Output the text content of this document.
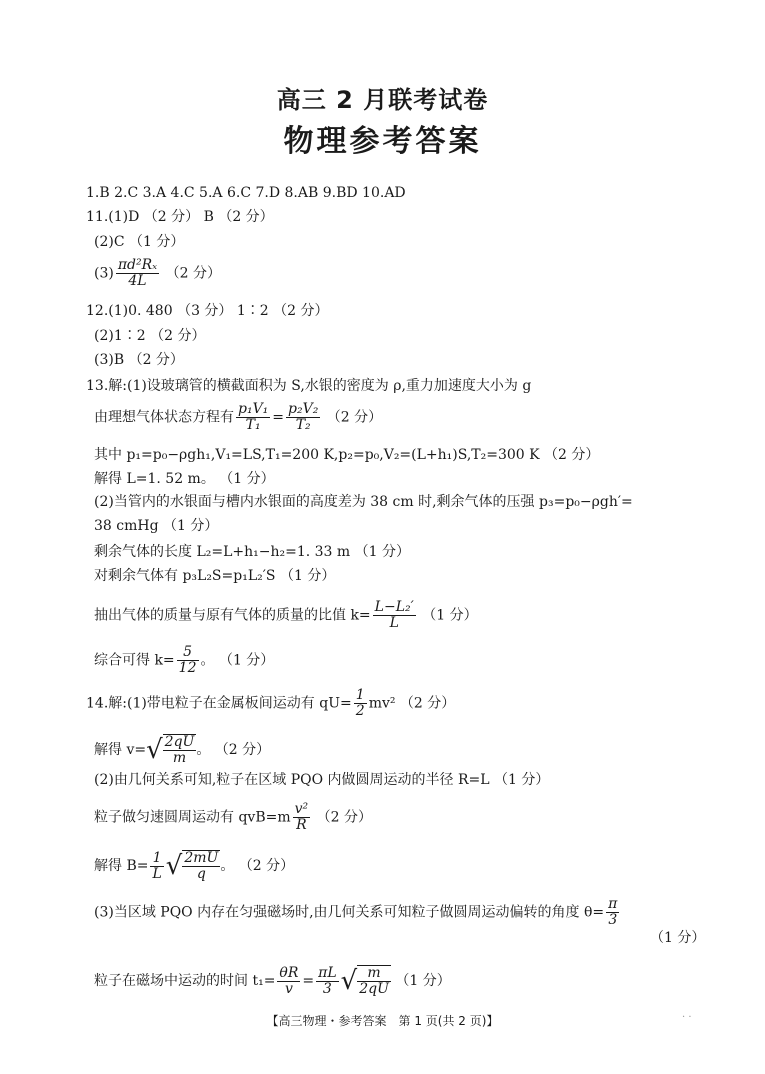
高三 2 月联考试卷
物理参考答案
1.B 2.C 3.A 4.C 5.A 6.C 7.D 8.AB 9.BD 10.AD
11.(1)D （2 分） B （2 分）
(2)C （1 分）
$(3) \frac{\text{πd²Rₓ}}{4L} (2$ 分）
12.(1)0. 480 （3 分） 1∶2 （2 分）
(2)1∶2 （2 分）
(3)B （2 分）
13.解:(1)设玻璃管的横截面积为 S,水银的密度为 ρ,重力加速度大小为 g
由理想气体状态方程有 $\frac{\text{p₁V₁}}{\text{T₁}} = \frac{\text{p₂V₂}}{\text{T₂}} (2$ 分）
其中 p₁=p₀−ρgh₁,V₁=LS,T₁=200 K,p₂=p₀,V₂=(L+h₁)S,T₂=300 K （2 分）
解得 L=1. 52 m。 （1 分）
(2)当管内的水银面与槽内水银面的高度差为 38 cm 时,剩余气体的压强 p₃=p₀−ρgh′=
38 cmHg （1 分）
剩余气体的长度 L₂=L+h₁−h₂=1. 33 m （1 分）
对剩余气体有 p₃L₂S=p₁L₂′S （1 分）
抽出气体的质量与原有气体的质量的比值 $k= \frac{\text{L−L₂′}}{L} (1$ 分）
综合可得 $k= \frac{5}{12}$ 。 （1 分）
14.解:(1)带电粒子在金属板间运动有 $qU= \frac{1}{2} mv^2$ （2 分）
解得 $v=√ \frac{2qU}{m}$ 。 （2 分）
(2)由几何关系可知,粒子在区域 PQO 内做圆周运动的半径 R=L （1 分）
粒子做匀速圆周运动有 $qvB=m \frac{\text{v²}}{R} (2$ 分）
解得 $B= \frac{1}{L}$ √ $\frac{2mU}{q}$ 。 （2 分）
(3)当区域 PQO 内存在匀强磁场时,由几何关系可知粒子做圆周运动偏转的角度 $\theta= \frac{\pi}{3}$
（1 分）
粒子在磁场中运动的时间 $t_1= \frac{\theta R}{v} = \frac{\pi L}{3}$ √ $\frac{m}{2qU} (1$ 分）
【高三物理・参考答案　第 1 页(共 2 页)】	· ·
